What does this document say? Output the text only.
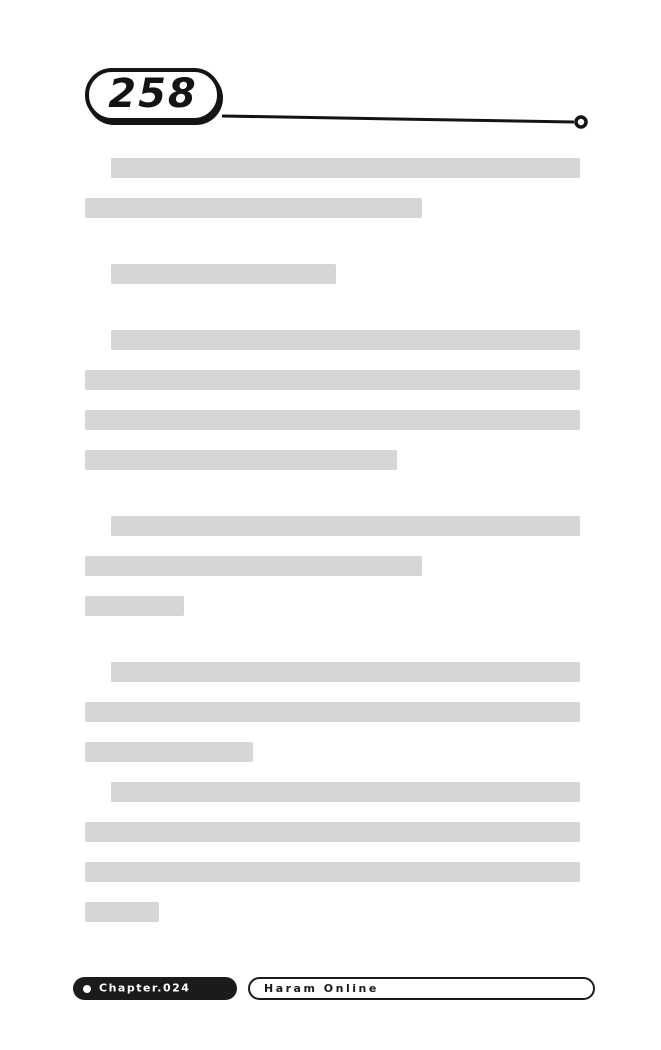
258
Chapter.024	Haram Online
